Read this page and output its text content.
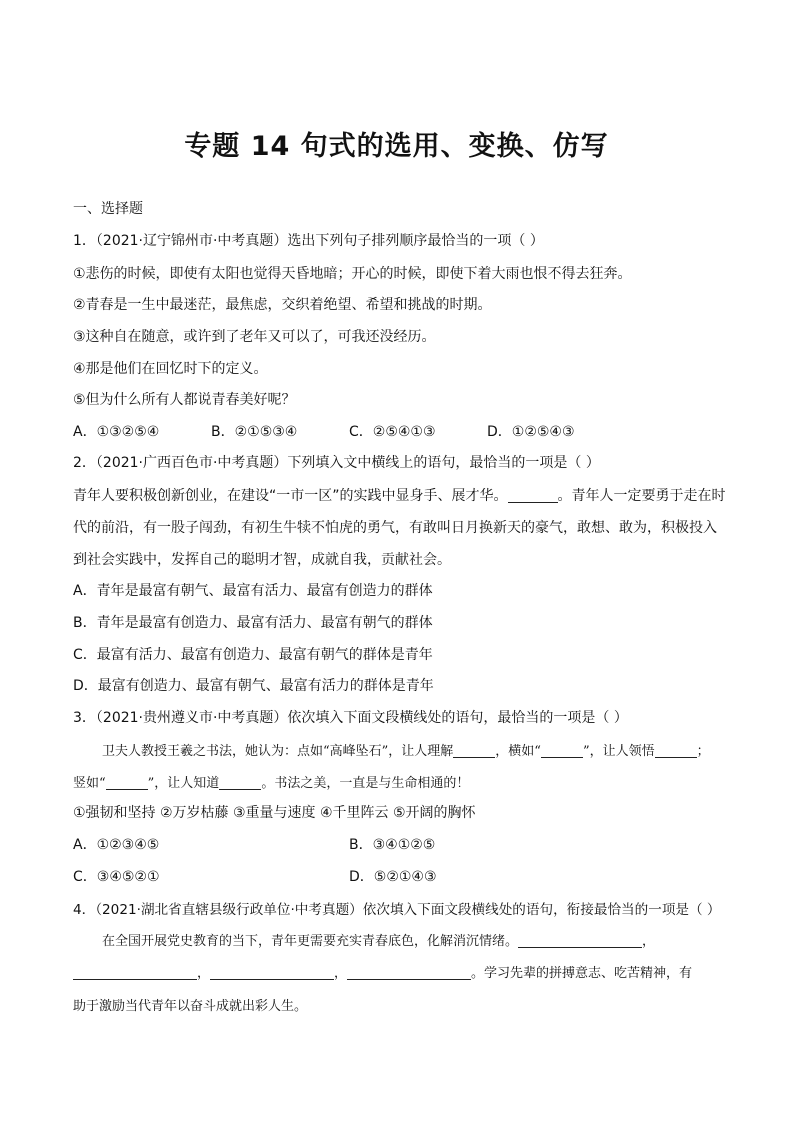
专题 14 句式的选用、变换、仿写
一、选择题
1．（2021·辽宁锦州市·中考真题）选出下列句子排列顺序最恰当的一项（ ）
①悲伤的时候，即使有太阳也觉得天昏地暗；开心的时候，即使下着大雨也恨不得去狂奔。
②青春是一生中最迷茫，最焦虑，交织着绝望、希望和挑战的时期。
③这种自在随意，或许到了老年又可以了，可我还没经历。
④那是他们在回忆时下的定义。
⑤但为什么所有人都说青春美好呢？
A．①③②⑤④	B．②①⑤③④	C．②⑤④①③	D．①②⑤④③
2．（2021·广西百色市·中考真题）下列填入文中横线上的语句，最恰当的一项是（ ）
青年人要积极创新创业，在建设“一市一区”的实践中显身手、展才华。	。青年人一定要勇于走在时
代的前沿，有一股子闯劲，有初生牛犊不怕虎的勇气，有敢叫日月换新天的豪气，敢想、敢为，积极投入
到社会实践中，发挥自己的聪明才智，成就自我，贡献社会。
A．青年是最富有朝气、最富有活力、最富有创造力的群体
B．青年是最富有创造力、最富有活力、最富有朝气的群体
C．最富有活力、最富有创造力、最富有朝气的群体是青年
D．最富有创造力、最富有朝气、最富有活力的群体是青年
3．（2021·贵州遵义市·中考真题）依次填入下面文段横线处的语句，最恰当的一项是（ ）
卫夫人教授王羲之书法，她认为：点如“高峰坠石”，让人理解	，横如“	”，让人领悟	；
竖如“	”，让人知道	。书法之美，一直是与生命相通的！
①强韧和坚持 ②万岁枯藤 ③重量与速度 ④千里阵云 ⑤开阔的胸怀
A．①②③④⑤	B．③④①②⑤
C．③④⑤②①	D．⑤②①④③
4．（2021·湖北省直辖县级行政单位·中考真题）依次填入下面文段横线处的语句，衔接最恰当的一项是（ ）
在全国开展党史教育的当下，青年更需要充实青春底色，化解消沉情绪。	，
，	，	。学习先辈的拼搏意志、吃苦精神，有
助于激励当代青年以奋斗成就出彩人生。
